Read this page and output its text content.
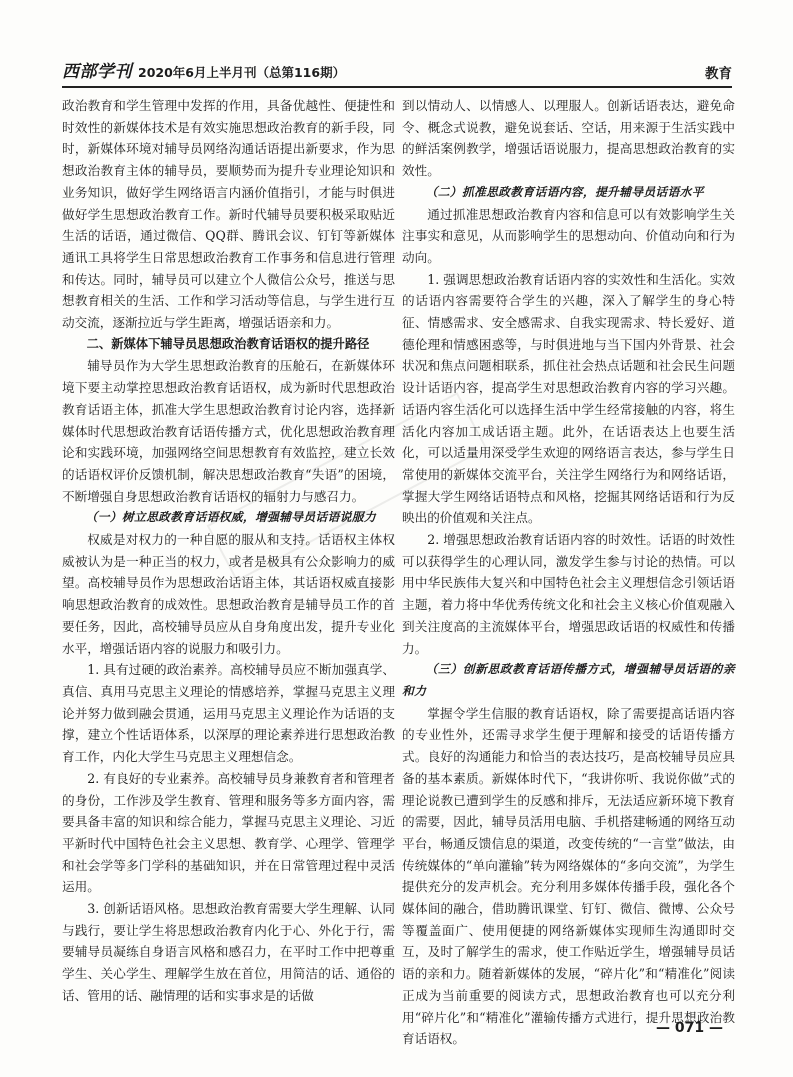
西部学刊 2020年6月上半月刊（总第116期）	教育

政治教育和学生管理中发挥的作用，具备优越性、便捷性和时效性的新媒体技术是有效实施思想政治教育的新手段，同时，新媒体环境对辅导员网络沟通话语提出新要求，作为思想政治教育主体的辅导员，要顺势而为提升专业理论知识和业务知识，做好学生网络语言内涵价值指引，才能与时俱进做好学生思想政治教育工作。新时代辅导员要积极采取贴近生活的话语，通过微信、QQ群、腾讯会议、钉钉等新媒体通讯工具将学生日常思想政治教育工作事务和信息进行管理和传达。同时，辅导员可以建立个人微信公众号，推送与思想教育相关的生活、工作和学习活动等信息，与学生进行互动交流，逐渐拉近与学生距离，增强话语亲和力。

二、新媒体下辅导员思想政治教育话语权的提升路径

辅导员作为大学生思想政治教育的压舱石，在新媒体环境下要主动掌控思想政治教育话语权，成为新时代思想政治教育话语主体，抓准大学生思想政治教育讨论内容，选择新媒体时代思想政治教育话语传播方式，优化思想政治教育理论和实践环境，加强网络空间思想教育有效监控，建立长效的话语权评价反馈机制，解决思想政治教育“失语”的困境，不断增强自身思想政治教育话语权的辐射力与感召力。

（一）树立思政教育话语权威，增强辅导员话语说服力

权威是对权力的一种自愿的服从和支持。话语权主体权威被认为是一种正当的权力，或者是极具有公众影响力的威望。高校辅导员作为思想政治话语主体，其话语权威直接影响思想政治教育的成效性。思想政治教育是辅导员工作的首要任务，因此，高校辅导员应从自身角度出发，提升专业化水平，增强话语内容的说服力和吸引力。

1. 具有过硬的政治素养。高校辅导员应不断加强真学、真信、真用马克思主义理论的情感培养，掌握马克思主义理论并努力做到融会贯通，运用马克思主义理论作为话语的支撑，建立个性话语体系，以深厚的理论素养进行思想政治教育工作，内化大学生马克思主义理想信念。

2. 有良好的专业素养。高校辅导员身兼教育者和管理者的身份，工作涉及学生教育、管理和服务等多方面内容，需要具备丰富的知识和综合能力，掌握马克思主义理论、习近平新时代中国特色社会主义思想、教育学、心理学、管理学和社会学等多门学科的基础知识，并在日常管理过程中灵活运用。

3. 创新话语风格。思想政治教育需要大学生理解、认同与践行，要让学生将思想政治教育内化于心、外化于行，需要辅导员凝练自身语言风格和感召力，在平时工作中把尊重学生、关心学生、理解学生放在首位，用简洁的话、通俗的话、管用的话、融情理的话和实事求是的话做

到以情动人、以情感人、以理服人。创新话语表达，避免命令、概念式说教，避免说套话、空话，用来源于生活实践中的鲜活案例教学，增强话语说服力，提高思想政治教育的实效性。

（二）抓准思政教育话语内容，提升辅导员话语水平

通过抓准思想政治教育内容和信息可以有效影响学生关注事实和意见，从而影响学生的思想动向、价值动向和行为动向。

1. 强调思想政治教育话语内容的实效性和生活化。实效的话语内容需要符合学生的兴趣，深入了解学生的身心特征、情感需求、安全感需求、自我实现需求、特长爱好、道德伦理和情感困惑等，与时俱进地与当下国内外背景、社会状况和焦点问题相联系，抓住社会热点话题和社会民生问题设计话语内容，提高学生对思想政治教育内容的学习兴趣。话语内容生活化可以选择生活中学生经常接触的内容，将生活化内容加工成话语主题。此外，在话语表达上也要生活化，可以适量用深受学生欢迎的网络语言表达，参与学生日常使用的新媒体交流平台，关注学生网络行为和网络话语，掌握大学生网络话语特点和风格，挖掘其网络话语和行为反映出的价值观和关注点。

2. 增强思想政治教育话语内容的时效性。话语的时效性可以获得学生的心理认同，激发学生参与讨论的热情。可以用中华民族伟大复兴和中国特色社会主义理想信念引领话语主题，着力将中华优秀传统文化和社会主义核心价值观融入到关注度高的主流媒体平台，增强思政话语的权威性和传播力。

（三）创新思政教育话语传播方式，增强辅导员话语的亲和力

掌握令学生信服的教育话语权，除了需要提高话语内容的专业性外，还需寻求学生便于理解和接受的话语传播方式。良好的沟通能力和恰当的表达技巧，是高校辅导员应具备的基本素质。新媒体时代下，“我讲你听、我说你做”式的理论说教已遭到学生的反感和排斥，无法适应新环境下教育的需要，因此，辅导员活用电脑、手机搭建畅通的网络互动平台，畅通反馈信息的渠道，改变传统的“一言堂”做法，由传统媒体的“单向灌输”转为网络媒体的“多向交流”，为学生提供充分的发声机会。充分利用多媒体传播手段，强化各个媒体间的融合，借助腾讯课堂、钉钉、微信、微博、公众号等覆盖面广、使用便捷的网络新媒体实现师生沟通即时交互，及时了解学生的需求，使工作贴近学生，增强辅导员话语的亲和力。随着新媒体的发展，“碎片化”和“精准化”阅读正成为当前重要的阅读方式，思想政治教育也可以充分利用“碎片化”和“精准化”灌输传播方式进行，提升思想政治教育话语权。

— 071 —
